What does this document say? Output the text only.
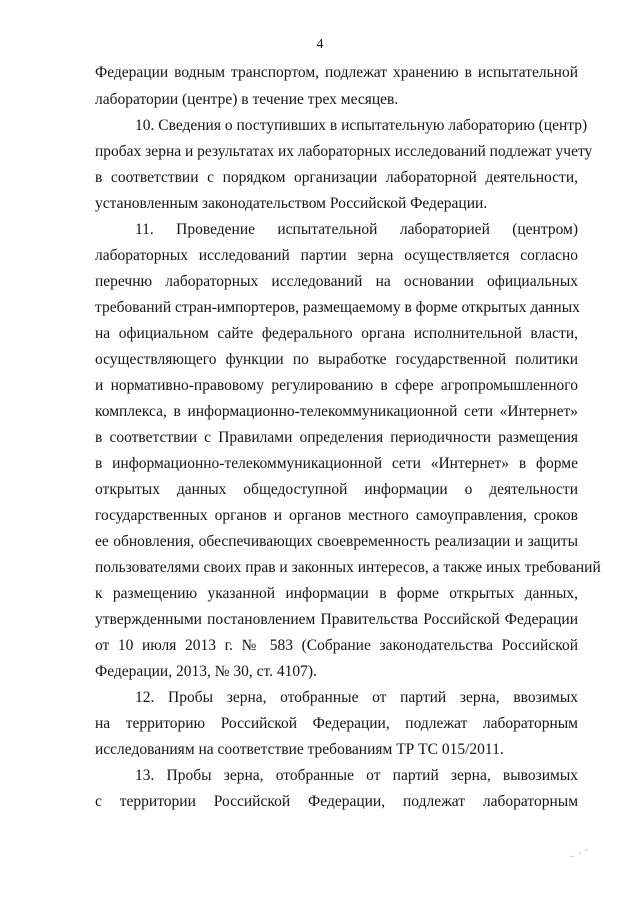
4
Федерации водным транспортом, подлежат хранению в испытательной
лаборатории (центре) в течение трех месяцев.
10. Сведения о поступивших в испытательную лабораторию (центр)
пробах зерна и результатах их лабораторных исследований подлежат учету
в соответствии с порядком организации лабораторной деятельности,
установленным законодательством Российской Федерации.
11. Проведение испытательной лабораторией (центром)
лабораторных исследований партии зерна осуществляется согласно
перечню лабораторных исследований на основании официальных
требований стран-импортеров, размещаемому в форме открытых данных
на официальном сайте федерального органа исполнительной власти,
осуществляющего функции по выработке государственной политики
и нормативно-правовому регулированию в сфере агропромышленного
комплекса, в информационно-телекоммуникационной сети «Интернет»
в соответствии с Правилами определения периодичности размещения
в информационно-телекоммуникационной сети «Интернет» в форме
открытых данных общедоступной информации о деятельности
государственных органов и органов местного самоуправления, сроков
ее обновления, обеспечивающих своевременность реализации и защиты
пользователями своих прав и законных интересов, а также иных требований
к размещению указанной информации в форме открытых данных,
утвержденными постановлением Правительства Российской Федерации
от 10 июля 2013 г. № 583 (Собрание законодательства Российской
Федерации, 2013, № 30, ст. 4107).
12. Пробы зерна, отобранные от партий зерна, ввозимых
на территорию Российской Федерации, подлежат лабораторным
исследованиям на соответствие требованиям ТР ТС 015/2011.
13. Пробы зерна, отобранные от партий зерна, вывозимых
с территории Российской Федерации, подлежат лабораторным
